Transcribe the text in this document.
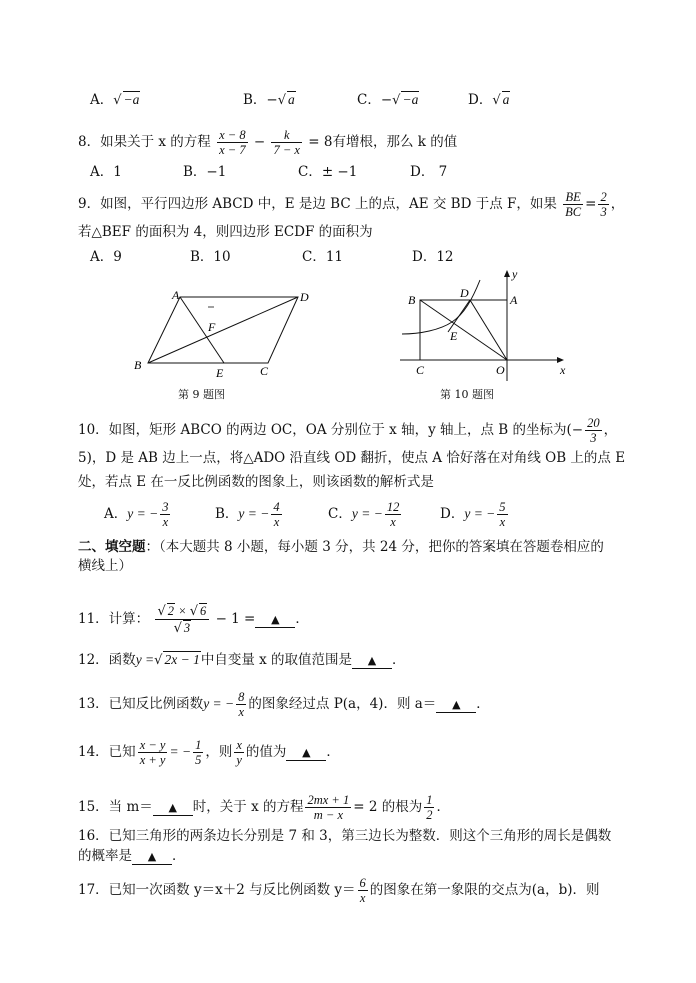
A．√ −a	B．−√ a	C．−√ −a	D．√ a
8．如果关于 x 的方程 $\frac{x - 8}{x - 7} - \frac{k}{7 - x} = 8$有增根，那么 k 的值
A．1	B．−1	C．± −1	D． 7
9．如图，平行四边形 ABCD 中，E 是边 BC 上的点，AE 交 BD 于点 F，如果 $\frac{BE}{BC} = \frac{2}{3}$ ，
若△BEF 的面积为 4，则四边形 ECDF 的面积为
A．9	B．10	C．11	D．12
A	D
F
B
E	C
第 9 题图
y
B	D	A
E
C	O	x
第 10 题图
10．如图，矩形 ABCO 的两边 OC，OA 分别位于 x 轴，y 轴上，点 B 的坐标为(− $\frac{20}{3}$ ，
5)，D 是 AB 边上一点，将△ADO 沿直线 OD 翻折，使点 A 恰好落在对角线 OB 上的点 E
处，若点 E 在一反比例函数的图象上，则该函数的解析式是
A．y = − $\frac{3}{x}$	B．y = − $\frac{4}{x}$	C．y = − $\frac{12}{x}$	D．y = − $\frac{5}{x}$
二、填空题：（本大题共 8 小题，每小题 3 分，共 24 分，把你的答案填在答题卷相应的
横线上）
11．计算： $\frac{√ 2 \times √ 6}{√ 3} - 1$ = ▲ ．
12．函数y =√ 2x − 1中自变量 x 的取值范围是 ▲ ．
13．已知反比例函数y = − $\frac{8}{x}$ 的图象经过点 P(a，4)．则 a＝ ▲ ．
14．已知 $\frac{x - y}{x + y}$ = − $\frac{1}{5}$ ，则 $\frac{x}{y}$ 的值为 ▲ ．
15．当 m＝ ▲ 时，关于 x 的方程 $\frac{2mx + 1}{m - x} = 2$ 的根为 $\frac{1}{2}$ ．
16．已知三角形的两条边长分别是 7 和 3，第三边长为整数．则这个三角形的周长是偶数
的概率是 ▲ ．
17．已知一次函数 y＝x＋2 与反比例函数 $y= \frac{6}{x}$ 的图象在第一象限的交点为(a，b)．则
